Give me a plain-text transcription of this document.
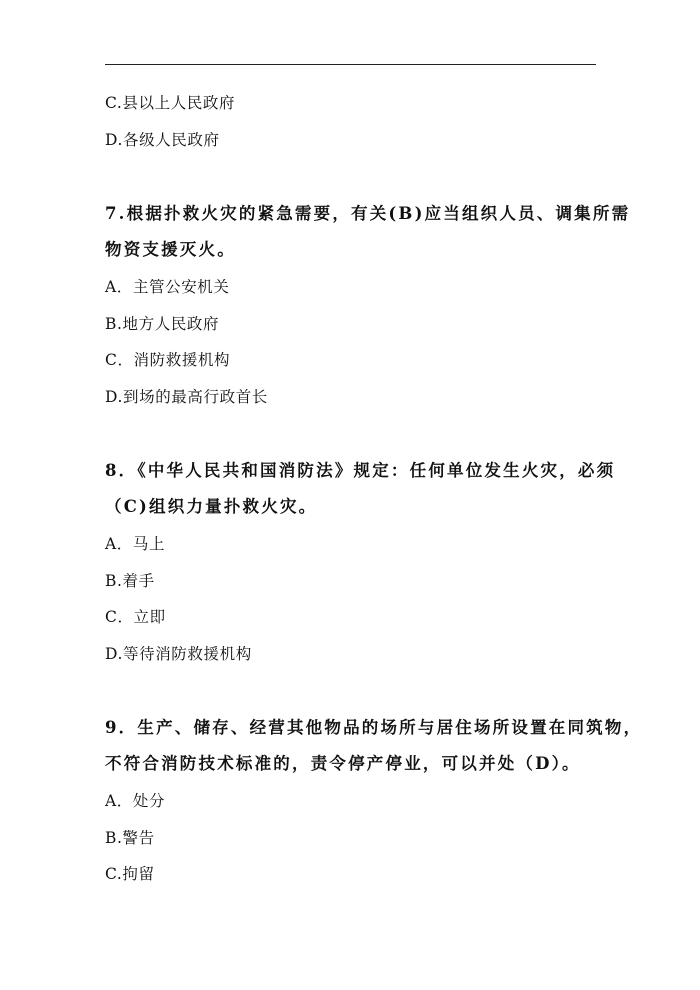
C.县以上人民政府
D.各级人民政府
7.根据扑救火灾的紧急需要，有关(B)应当组织人员、调集所需
物资支援灭火。
A．主管公安机关
B.地方人民政府
C．消防救援机构
D.到场的最高行政首长
8．《中华人民共和国消防法》规定：任何单位发生火灾，必须
（C)组织力量扑救火灾。
A．马上
B.着手
C．立即
D.等待消防救援机构
9．生产、储存、经营其他物品的场所与居住场所设置在同筑物，
不符合消防技术标准的，责令停产停业，可以并处（D）。
A．处分
B.警告
C.拘留
